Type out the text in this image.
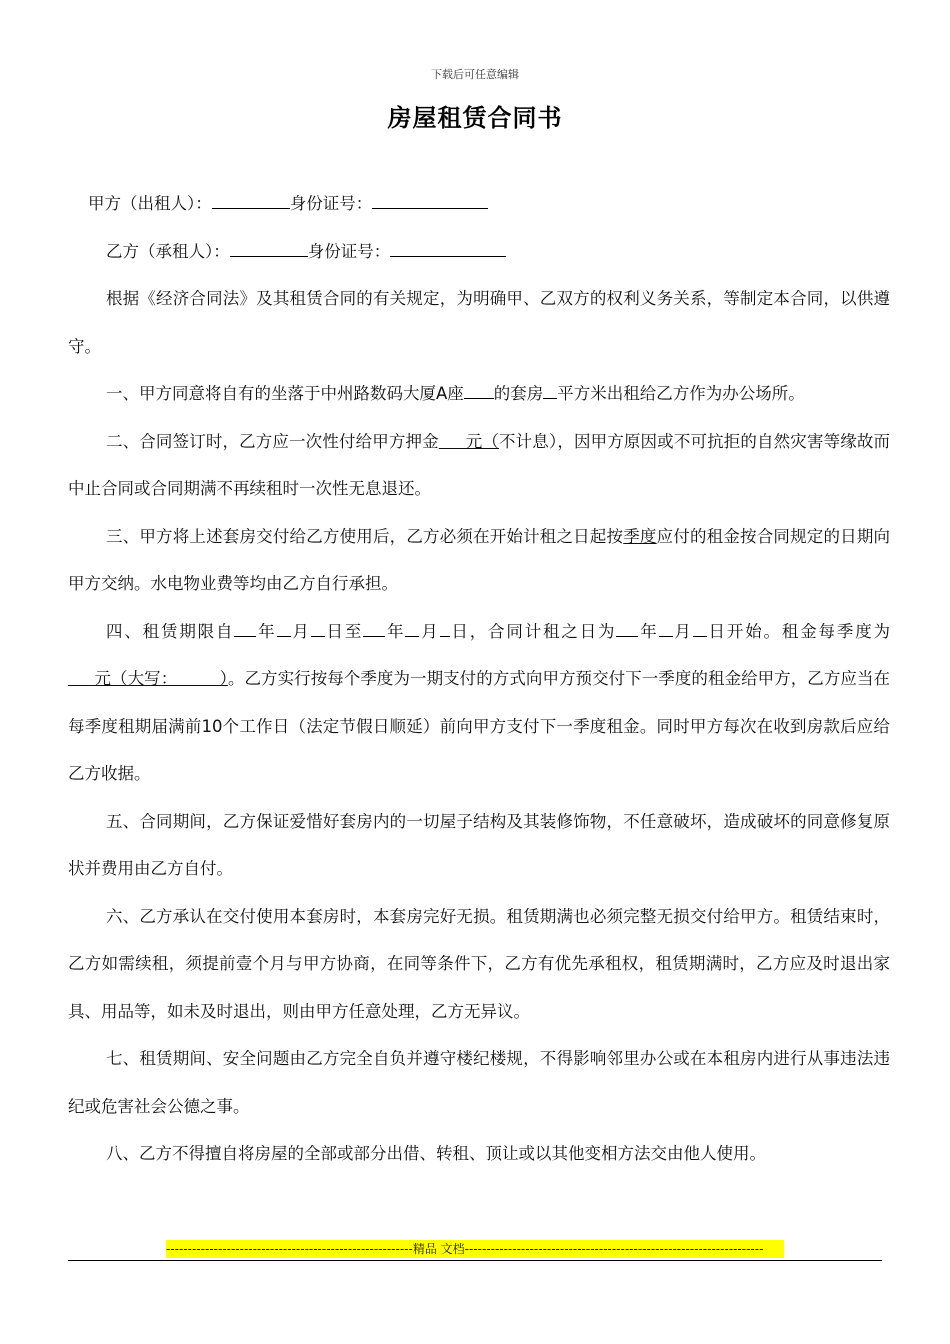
下载后可任意编辑
房屋租赁合同书

甲方（出租人）：	身份证号：

乙方（承租人）：	身份证号：

根据《经济合同法》及其租赁合同的有关规定，为明确甲、乙双方的权利义务关系，等制定本合同，以供遵守。

一、甲方同意将自有的坐落于中州路数码大厦A座 的套房 平方米出租给乙方作为办公场所。

二、合同签订时，乙方应一次性付给甲方押金     元（不计息），因甲方原因或不可抗拒的自然灾害等缘故而中止合同或合同期满不再续租时一次性无息退还。

三、甲方将上述套房交付给乙方使用后，乙方必须在开始计租之日起按季度应付的租金按合同规定的日期向甲方交纳。水电物业费等均由乙方自行承担。

四、租赁期限自 年 月 日至 年 月 日，合同计租之日为 年 月 日开始。租金每季度为     元（大写：        ）。乙方实行按每个季度为一期支付的方式向甲方预交付下一季度的租金给甲方，乙方应当在每季度租期届满前10个工作日（法定节假日顺延）前向甲方支付下一季度租金。同时甲方每次在收到房款后应给乙方收据。

五、合同期间，乙方保证爱惜好套房内的一切屋子结构及其装修饰物，不任意破坏，造成破坏的同意修复原状并费用由乙方自付。

六、乙方承认在交付使用本套房时，本套房完好无损。租赁期满也必须完整无损交付给甲方。租赁结束时，乙方如需续租，须提前壹个月与甲方协商，在同等条件下，乙方有优先承租权，租赁期满时，乙方应及时退出家具、用品等，如未及时退出，则由甲方任意处理，乙方无异议。

七、租赁期间、安全问题由乙方完全自负并遵守楼纪楼规，不得影响邻里办公或在本租房内进行从事违法违纪或危害社会公德之事。

八、乙方不得擅自将房屋的全部或部分出借、转租、顶让或以其他变相方法交由他人使用。

---------------------------------------------------------精品 文档---------------------------------------------------------------------
